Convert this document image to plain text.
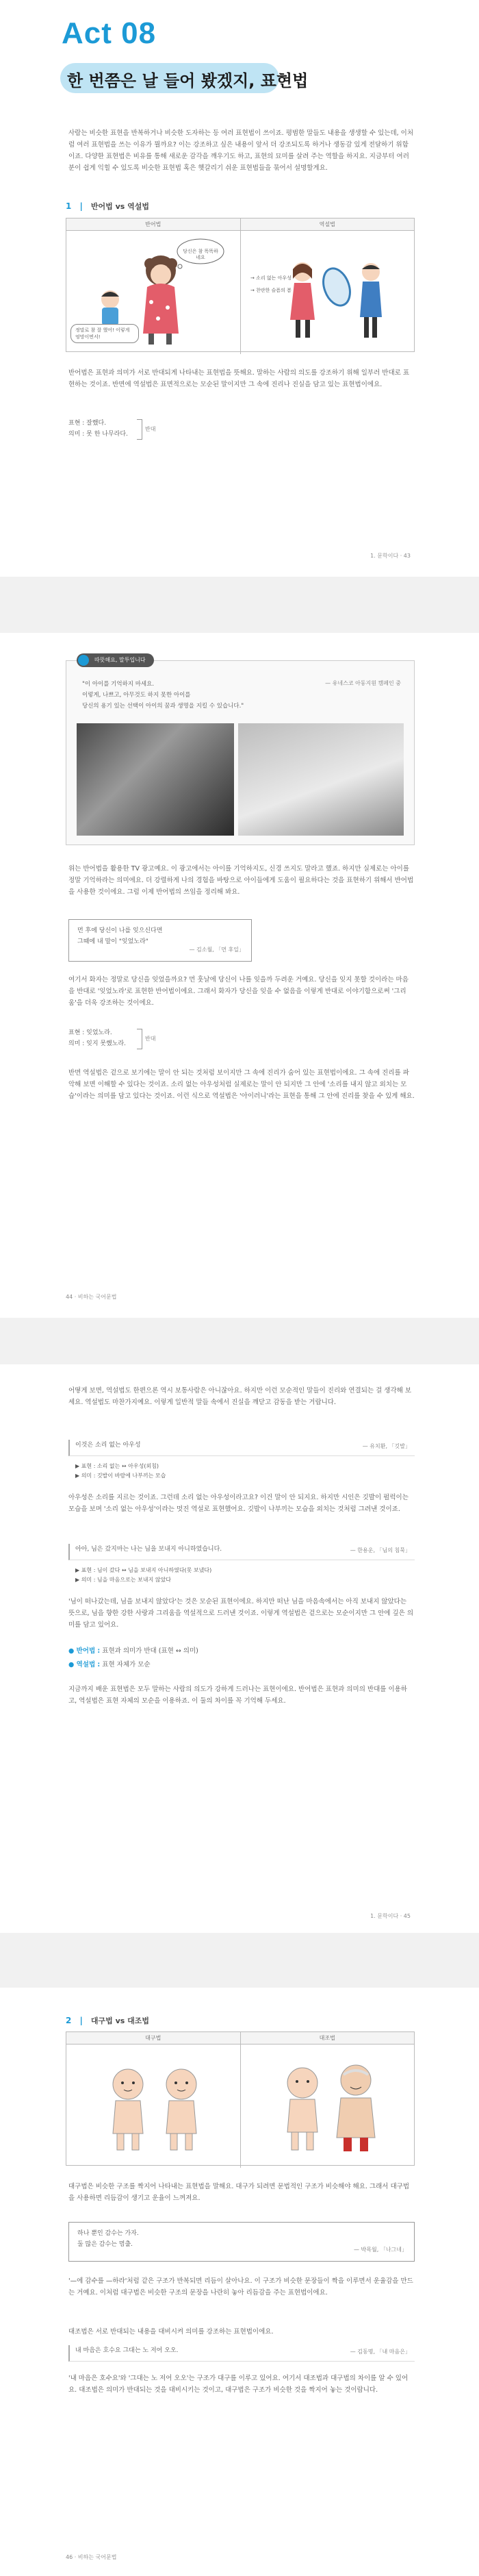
Act 08
한 번쯤은 날 들어 봤겠지, 표현법
사람는 비슷한 표현을 반복하거나 비슷한 도자하는 등 여러 표현법이 쓰이죠. 평범한 말들도 내용을 생생할 수 있는데, 이처럼 여러 표현법을 쓰는 이유가 뭘까요? 이는 강조하고 싶은 내용이 앞서 더 강조되도록 하거나 생동감 있게 전달하기 위함이죠. 다양한 표현법은 비유를 통해 새로운 감각을 깨우기도 하고, 표현의 묘미를 살려 주는 역할을 하지요. 지금부터 여러분이 쉽게 익힐 수 있도록 비슷한 표현법 혹은 헷갈리기 쉬운 표현법들을 묶어서 설명할게요.
1 | 반어법 vs 역설법
반어법	역설법
당신은 참 똑똑하네요
정말로 참 잘 했어! 이렇게 엉망이면서!
→ 소리 없는 아우성
→ 찬란한 슬픔의 봄
반어법은 표현과 의미가 서로 반대되게 나타내는 표현법을 뜻해요. 말하는 사람의 의도를 강조하기 위해 일부러 반대로 표현하는 것이죠. 반면에 역설법은 표면적으로는 모순된 말이지만 그 속에 진리나 진실을 담고 있는 표현법이에요.
표현 : 잘했다.
의미 : 못 한 나무라다.
반대
1. 문학이다 · 43
따뜻해요, 말투입니다
"이 아이를 기억하지 마세요.
이렇게, 나쁘고, 아무것도 하지 못한 아이를
당신의 용기 있는 선택이 아이의 꿈과 생명을 지킬 수 있습니다."
— 유네스코 아동지원 캠페인 중
위는 반어법을 활용한 TV 광고예요. 이 광고에서는 아이를 기억하지도, 신경 쓰지도 말라고 했죠. 하지만 실제로는 아이를 정말 기억하라는 의미에요. 더 강렬하게 나의 경험을 바탕으로 아이들에게 도움이 필요하다는 것을 표현하기 위해서 반어법을 사용한 것이에요. 그럼 이제 반어법의 쓰임을 정리해 봐요.
먼 후에 당신이 나를 잊으신다면
그때에 내 말이 "잊었노라"
— 김소월, 「먼 후일」
여기서 화자는 정말로 당신을 잊었을까요? 먼 훗날에 당신이 나를 잊을까 두려운 거예요. 당신을 잊지 못할 것이라는 마음을 반대로 '잊었노라'로 표현한 반어법이에요. 그래서 화자가 당신을 잊을 수 없음을 이렇게 반대로 이야기함으로써 '그리움'을 더욱 강조하는 것이에요.
표현 : 잊었노라.
의미 : 잊지 못했노라.
반대
반면 역설법은 겉으로 보기에는 말이 안 되는 것처럼 보이지만 그 속에 진리가 숨어 있는 표현법이에요. 그 속에 진리를 파악해 보면 이해할 수 있다는 것이죠. 소리 없는 아우성처럼 실제로는 말이 안 되지만 그 안에 '소리를 내지 않고 외치는 모습'이라는 의미를 담고 있다는 것이죠. 이런 식으로 역설법은 '아이러니'라는 표현을 통해 그 안에 진리를 찾을 수 있게 해요.
44 · 비하는 국어문법
어떻게 보면, 역설법도 한편으론 역시 보통사람은 아니잖아요. 하지만 이런 모순적인 말들이 진리와 연결되는 걸 생각해 보세요. 역설법도 마찬가지예요. 이렇게 일반적 말들 속에서 진실을 깨닫고 감동을 받는 거랍니다.
이것은 소리 없는 아우성	— 유치환, 「깃발」
▶ 표현 : 소리 없는 ↔ 아우성(외침)
▶ 의미 : 깃발이 바람에 나부끼는 모습
아우성은 소리를 지르는 것이죠. 그런데 소리 없는 아우성이라고요? 이건 말이 안 되지요. 하지만 시인은 깃발이 펄럭이는 모습을 보며 '소리 없는 아우성'이라는 멋진 역설로 표현했어요. 깃발이 나부끼는 모습을 외치는 것처럼 그려낸 것이죠.
아아, 님은 갔지마는 나는 님을 보내지 아니하였습니다.	— 한용운, 「님의 침묵」
▶ 표현 : 님이 갔다 ↔ 님을 보내지 아니하였다(못 보냈다)
▶ 의미 : 님을 마음으로는 보내지 않았다
'님이 떠나갔는데, 님을 보내지 않았다'는 것은 모순된 표현이에요. 하지만 떠난 님을 마음속에서는 아직 보내지 않았다는 뜻으로, 님을 향한 강한 사랑과 그리움을 역설적으로 드러낸 것이죠. 이렇게 역설법은 겉으로는 모순이지만 그 안에 깊은 의미를 담고 있어요.
● 반어법 : 표현과 의미가 반대 (표현 ↔ 의미)
● 역설법 : 표현 자체가 모순
지금까지 배운 표현법은 모두 말하는 사람의 의도가 강하게 드러나는 표현이에요. 반어법은 표현과 의미의 반대를 이용하고, 역설법은 표현 자체의 모순을 이용하죠. 이 둘의 차이를 꼭 기억해 두세요.
1. 문학이다 · 45
2 | 대구법 vs 대조법
대구법	대조법
대구법은 비슷한 구조를 짝지어 나타내는 표현법을 말해요. 대구가 되려면 문법적인 구조가 비슷해야 해요. 그래서 대구법을 사용하면 리듬감이 생기고 운율이 느껴져요.
하나 뿐인 감수는 가자.
둘 많은 감수는 멈출.
— 박목월, 「나그네」
'—에 감수를 —하라'처럼 같은 구조가 반복되면 리듬이 살아나요. 이 구조가 비슷한 문장들이 짝을 이루면서 운율감을 만드는 거예요. 이처럼 대구법은 비슷한 구조의 문장을 나란히 놓아 리듬감을 주는 표현법이에요.
대조법은 서로 반대되는 내용을 대비시켜 의미를 강조하는 표현법이에요.
내 마음은 호수요 그대는 노 저어 오오.	— 김동명, 「내 마음은」
'내 마음은 호수요'와 '그대는 노 저어 오오'는 구조가 대구를 이루고 있어요. 여기서 대조법과 대구법의 차이를 알 수 있어요. 대조법은 의미가 반대되는 것을 대비시키는 것이고, 대구법은 구조가 비슷한 것을 짝지어 놓는 것이랍니다.
46 · 비하는 국어문법
